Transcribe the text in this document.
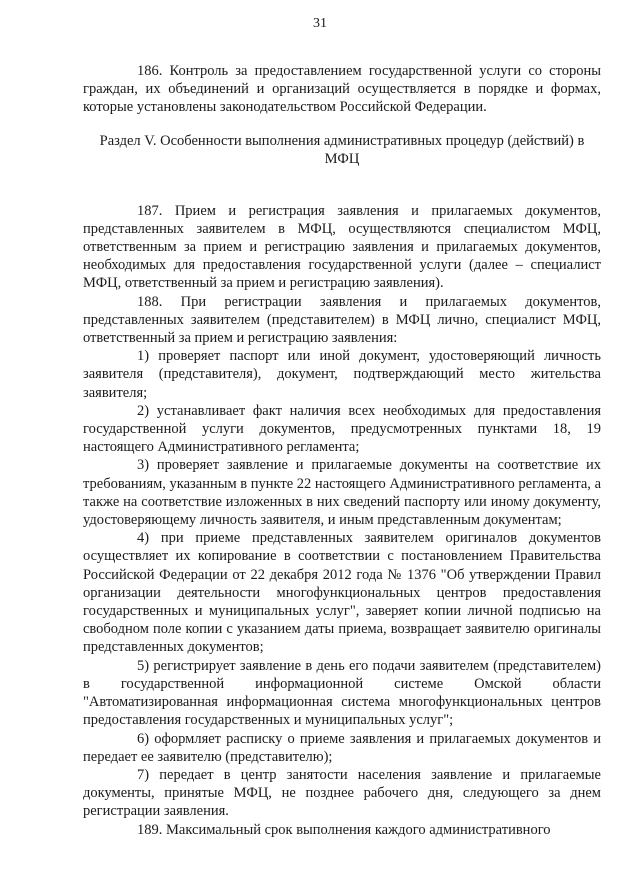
31

186. Контроль за предоставлением государственной услуги со стороны граждан, их объединений и организаций осуществляется в порядке и формах, которые установлены законодательством Российской Федерации.

Раздел V. Особенности выполнения административных процедур (действий) в МФЦ

187. Прием и регистрация заявления и прилагаемых документов, представленных заявителем в МФЦ, осуществляются специалистом МФЦ, ответственным за прием и регистрацию заявления и прилагаемых документов, необходимых для предоставления государственной услуги (далее – специалист МФЦ, ответственный за прием и регистрацию заявления).

188. При регистрации заявления и прилагаемых документов, представленных заявителем (представителем) в МФЦ лично, специалист МФЦ, ответственный за прием и регистрацию заявления:

1) проверяет паспорт или иной документ, удостоверяющий личность заявителя (представителя), документ, подтверждающий место жительства заявителя;

2) устанавливает факт наличия всех необходимых для предоставления государственной услуги документов, предусмотренных пунктами 18, 19 настоящего Административного регламента;

3) проверяет заявление и прилагаемые документы на соответствие их требованиям, указанным в пункте 22 настоящего Административного регламента, а также на соответствие изложенных в них сведений паспорту или иному документу, удостоверяющему личность заявителя, и иным представленным документам;

4) при приеме представленных заявителем оригиналов документов осуществляет их копирование в соответствии с постановлением Правительства Российской Федерации от 22 декабря 2012 года № 1376 "Об утверждении Правил организации деятельности многофункциональных центров предоставления государственных и муниципальных услуг", заверяет копии личной подписью на свободном поле копии с указанием даты приема, возвращает заявителю оригиналы представленных документов;

5) регистрирует заявление в день его подачи заявителем (представителем) в государственной информационной системе Омской области "Автоматизированная информационная система многофункциональных центров предоставления государственных и муниципальных услуг";

6) оформляет расписку о приеме заявления и прилагаемых документов и передает ее заявителю (представителю);

7) передает в центр занятости населения заявление и прилагаемые документы, принятые МФЦ, не позднее рабочего дня, следующего за днем регистрации заявления.

189. Максимальный срок выполнения каждого административного
